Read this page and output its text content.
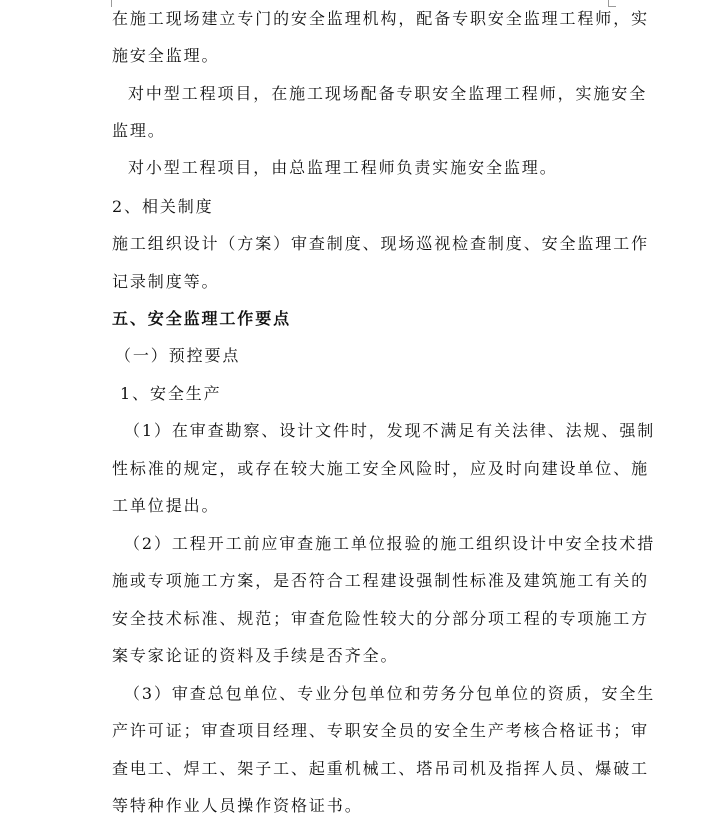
在施工现场建立专门的安全监理机构，配备专职安全监理工程师，实
施安全监理。
对中型工程项目，在施工现场配备专职安全监理工程师，实施安全
监理。
对小型工程项目，由总监理工程师负责实施安全监理。
2、相关制度
施工组织设计（方案）审查制度、现场巡视检查制度、安全监理工作
记录制度等。
五、安全监理工作要点
（一）预控要点
1、安全生产
（1）在审查勘察、设计文件时，发现不满足有关法律、法规、强制
性标准的规定，或存在较大施工安全风险时，应及时向建设单位、施
工单位提出。
（2）工程开工前应审查施工单位报验的施工组织设计中安全技术措
施或专项施工方案，是否符合工程建设强制性标准及建筑施工有关的
安全技术标准、规范；审查危险性较大的分部分项工程的专项施工方
案专家论证的资料及手续是否齐全。
（3）审查总包单位、专业分包单位和劳务分包单位的资质，安全生
产许可证；审查项目经理、专职安全员的安全生产考核合格证书；审
查电工、焊工、架子工、起重机械工、塔吊司机及指挥人员、爆破工
等特种作业人员操作资格证书。
